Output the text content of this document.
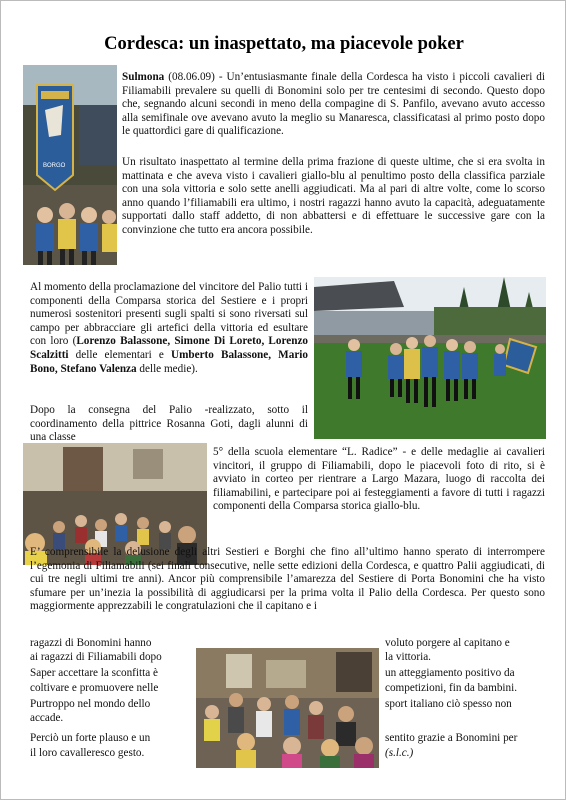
Cordesca: un inaspettato, ma piacevole poker
BORGO
Sulmona (08.06.09) - Un’entusiasmante finale della Cordesca ha visto i piccoli cavalieri di Filiamabili prevalere su quelli di Bonomini solo per tre centesimi di secondo. Questo dopo che, segnando alcuni secondi in meno della compagine di S. Panfilo, avevano avuto accesso alla semifinale ove avevano avuto la meglio su Manaresca, classificatasi al primo posto dopo le quattordici gare di qualificazione.
Un risultato inaspettato al termine della prima frazione di queste ultime, che si era svolta in mattinata e che aveva visto i cavalieri giallo-blu al penultimo posto della classifica parziale con una sola vittoria e solo sette anelli aggiudicati. Ma al pari di altre volte, come lo scorso anno quando l’filiamabili era ultimo, i nostri ragazzi hanno avuto la capacità, adeguatamente supportati dallo staff addetto, di non abbattersi e di effettuare le successive gare con la convinzione che tutto era ancora possibile.
Al momento della proclamazione del vincitore del Palio tutti i componenti della Comparsa storica del Sestiere e i propri numerosi sostenitori presenti sugli spalti si sono riversati sul campo per abbracciare gli artefici della vittoria ed esultare con loro (Lorenzo Balassone, Simone Di Loreto, Lorenzo Scalzitti delle elementari e Umberto Balassone, Mario Bono, Stefano Valenza delle medie).
Dopo la consegna del Palio -realizzato, sotto il coordinamento della pittrice Rosanna Goti, dagli alunni di una classe
5° della scuola elementare “L. Radice” - e delle medaglie ai cavalieri vincitori, il gruppo di Filiamabili, dopo le piacevoli foto di rito, si è avviato in corteo per rientrare a Largo Mazara, luogo di raccolta dei filiamabilini, e partecipare poi ai festeggiamenti a favore di tutti i ragazzi componenti della Comparsa storica giallo-blu.
E’ comprensibile la delusione degli altri Sestieri e Borghi che fino all’ultimo hanno sperato di interrompere l’egemonia di Filiamabili (sei finali consecutive, nelle sette edizioni della Cordesca, e quattro Palii aggiudicati, di cui tre negli ultimi tre anni). Ancor più comprensibile l’amarezza del Sestiere di Porta Bonomini che ha visto sfumare per un’inezia la possibilità di aggiudicarsi per la prima volta il Palio della Cordesca. Per questo sono maggiormente apprezzabili le congratulazioni che il capitano e i
ragazzi di Bonomini hanno	voluto porgere al capitano e
ai ragazzi di Filiamabili dopo	la vittoria.
Saper accettare la sconfitta è	un atteggiamento positivo da
coltivare e promuovere nelle	competizioni, fin da bambini.
Purtroppo nel mondo dello	sport italiano ciò spesso non
accade.
Perciò un forte plauso e un	sentito grazie a Bonomini per
il loro cavalleresco gesto.	(s.l.c.)
